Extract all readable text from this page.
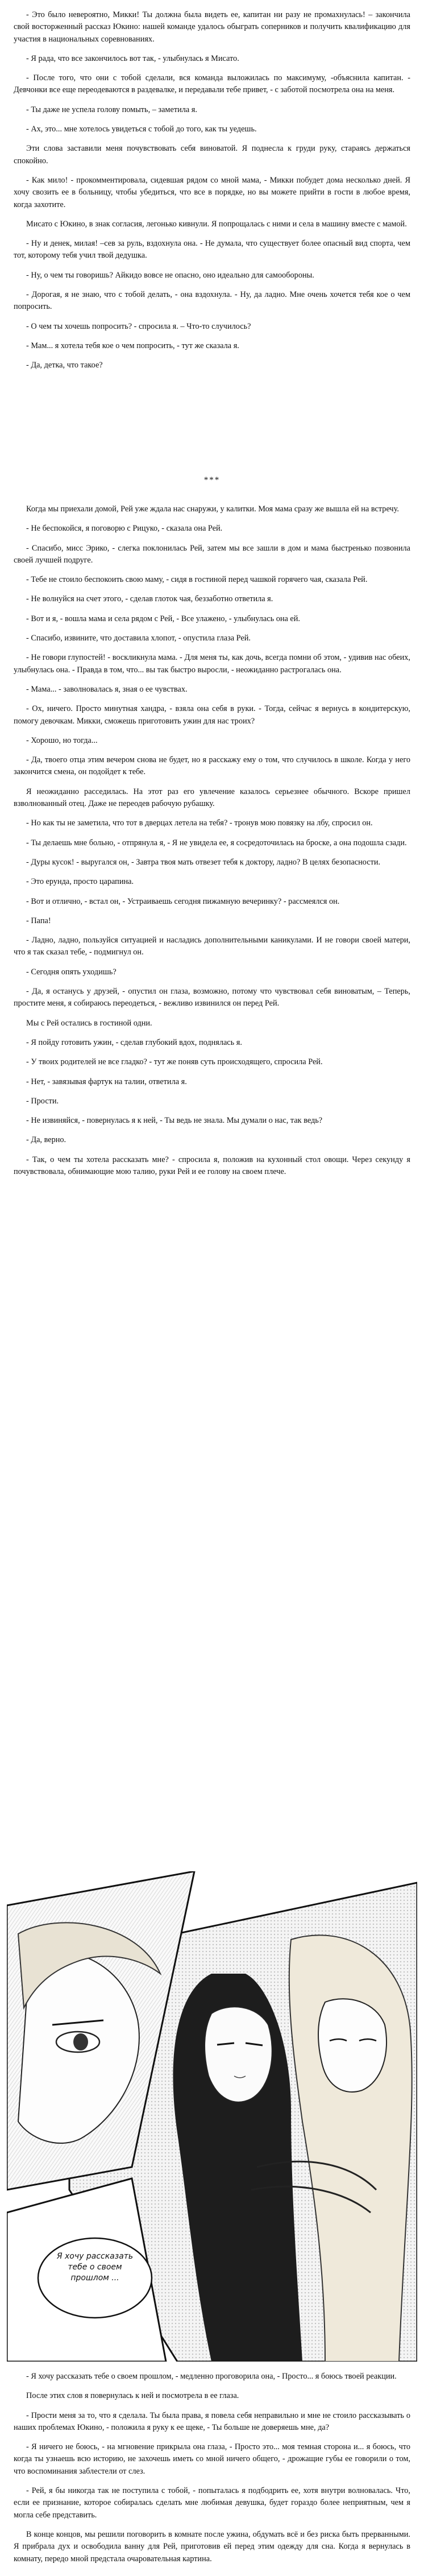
- Это было невероятно, Микки! Ты должна была видеть ее, капитан ни разу не промахнулась! – закончила свой восторженный рассказ Юкино: нашей команде удалось обыграть соперников и получить квалификацию для участия в национальных соревнованиях.

- Я рада, что все закончилось вот так, - улыбнулась я Мисато.

- После того, что они с тобой сделали, вся команда выложилась по максимуму, -объяснила капитан. - Девчонки все еще переодеваются в раздевалке, и передавали тебе привет, - с заботой посмотрела она на меня.

- Ты даже не успела голову помыть, – заметила я.

- Ах, это... мне хотелось увидеться с тобой до того, как ты уедешь.

Эти слова заставили меня почувствовать себя виноватой. Я поднесла к груди руку, стараясь держаться спокойно.

- Как мило! - прокомментировала, сидевшая рядом со мной мама, - Микки побудет дома несколько дней. Я хочу свозить ее в больницу, чтобы убедиться, что все в порядке, но вы можете прийти в гости в любое время, когда захотите.

Мисато с Юкино, в знак согласия, легонько кивнули. Я попрощалась с ними и села в машину вместе с мамой.

- Ну и денек, милая! –сев за руль, вздохнула она. - Не думала, что существует более опасный вид спорта, чем тот, которому тебя учил твой дедушка.

- Ну, о чем ты говоришь? Айкидо вовсе не опасно, оно идеально для самообороны.

- Дорогая, я не знаю, что с тобой делать, - она вздохнула. - Ну, да ладно. Мне очень хочется тебя кое о чем попросить.

- О чем ты хочешь попросить? - спросила я. – Что-то случилось?

- Мам... я хотела тебя кое о чем попросить, - тут же сказала я.

- Да, детка, что такое?

***

Когда мы приехали домой, Рей уже ждала нас снаружи, у калитки. Моя мама сразу же вышла ей на встречу.

- Не беспокойся, я поговорю с Рицуко, - сказала она Рей.

- Спасибо, мисс Эрико, - слегка поклонилась Рей, затем мы все зашли в дом и мама быстренько позвонила своей лучшей подруге.

- Тебе не стоило беспокоить свою маму, - сидя в гостиной перед чашкой горячего чая, сказала Рей.

- Не волнуйся на счет этого, - сделав глоток чая, беззаботно ответила я.

- Вот и я, - вошла мама и села рядом с Рей, - Все улажено, - улыбнулась она ей.

- Спасибо, извините, что доставила хлопот, - опустила глаза Рей.

- Не говори глупостей! - воскликнула мама. - Для меня ты, как дочь, всегда помни об этом, - удивив нас обеих, улыбнулась она. - Правда в том, что... вы так быстро выросли, - неожиданно растрогалась она.

- Мама... - заволновалась я, зная о ее чувствах.

- Ох, ничего. Просто минутная хандра, - взяла она себя в руки. - Тогда, сейчас я вернусь в кондитерскую, помогу девочкам. Микки, сможешь приготовить ужин для нас троих?

- Хорошо, но тогда...

- Да, твоего отца этим вечером снова не будет, но я расскажу ему о том, что случилось в школе. Когда у него закончится смена, он подойдет к тебе.

Я неожиданно расседилась. На этот раз его увлечение казалось серьезнее обычного. Вскоре пришел взволнованный отец. Даже не переодев рабочую рубашку.

- Но как ты не заметила, что тот в дверцах летела на тебя? - тронув мою повязку на лбу, спросил он.

- Ты делаешь мне больно, - отпрянула я, - Я не увидела ее, я сосредоточилась на броске, а она подошла сзади.

- Дуры кусок! - выругался он, - Завтра твоя мать отвезет тебя к доктору, ладно? В целях безопасности.

- Это ерунда, просто царапина.

- Вот и отлично, - встал он, - Устраиваешь сегодня пижамную вечеринку? - рассмеялся он.

- Папа!

- Ладно, ладно, пользуйся ситуацией и насладись дополнительными каникулами. И не говори своей матери, что я так сказал тебе, - подмигнул он.

- Сегодня опять уходишь?

- Да, я останусь у друзей, - опустил он глаза, возможно, потому что чувствовал себя виноватым, – Теперь, простите меня, я собираюсь переодеться, - вежливо извинился он перед Рей.

Мы с Рей остались в гостиной одни.

- Я пойду готовить ужин, - сделав глубокий вдох, поднялась я.

- У твоих родителей не все гладко? - тут же поняв суть происходящего, спросила Рей.

- Нет, - завязывая фартук на талии, ответила я.

- Прости.

- Не извиняйся, - повернулась я к ней, - Ты ведь не знала. Мы думали о нас, так ведь?

- Да, верно.

- Так, о чем ты хотела рассказать мне? - спросила я, положив на кухонный стол овощи. Через секунду я почувствовала, обнимающие мою талию, руки Рей и ее голову на своем плече.

Я хочу рассказать тебе о своем прошлом ...

- Я хочу рассказать тебе о своем прошлом, - медленно проговорила она, - Просто... я боюсь твоей реакции.

После этих слов я повернулась к ней и посмотрела в ее глаза.

- Прости меня за то, что я сделала. Ты была права, я повела себя неправильно и мне не стоило рассказывать о наших проблемах Юкино, - положила я руку к ее щеке, - Ты больше не доверяешь мне, да?

- Я ничего не боюсь, - на мгновение прикрыла она глаза, - Просто это... моя темная сторона и... я боюсь, что когда ты узнаешь всю историю, не захочешь иметь со мной ничего общего, - дрожащие губы ее говорили о том, что воспоминания заблестели от слез.

- Рей, я бы никогда так не поступила с тобой, - попыталась я подбодрить ее, хотя внутри волновалась. Что, если ее признание, которое собиралась сделать мне любимая девушка, будет гораздо более неприятным, чем я могла себе представить.

В конце концов, мы решили поговорить в комнате после ужина, обдумать всё и без риска быть прерванными. Я прибрала дух и освободила ванну для Рей, приготовив ей перед этим одежду для сна. Когда я вернулась в комнату, передо мной предстала очаровательная картина.
